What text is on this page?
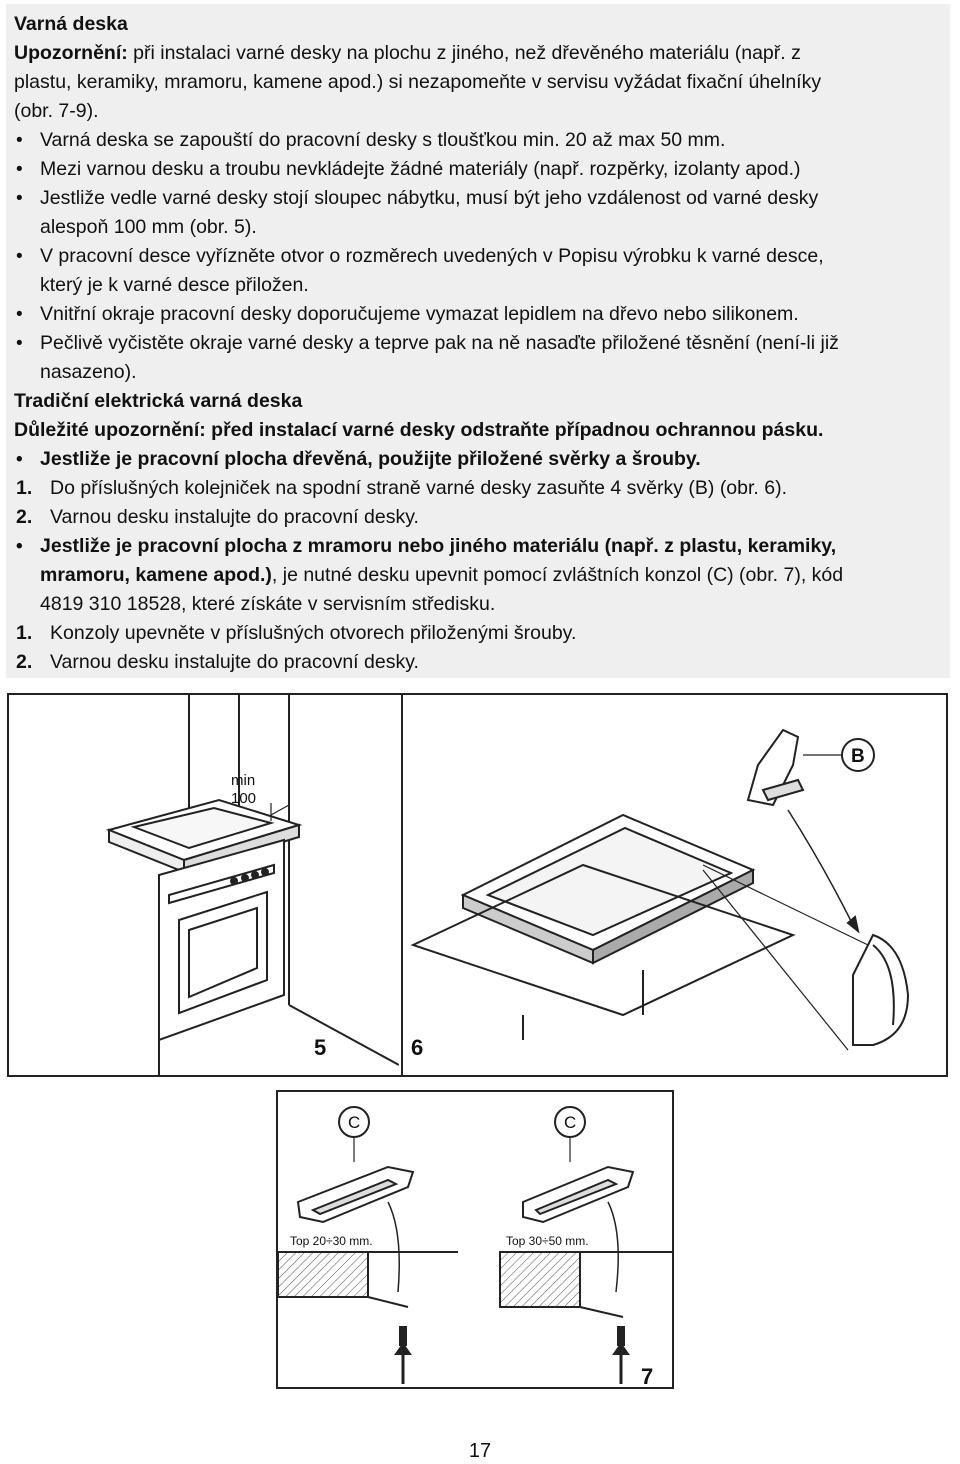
Varná deska

Upozornění: při instalaci varné desky na plochu z jiného, než dřevěného materiálu (např. z

plastu, keramiky, mramoru, kamene apod.) si nezapomeňte v servisu vyžádat fixační úhelníky

(obr. 7-9).

• Varná deska se zapouští do pracovní desky s tloušťkou min. 20 až max 50 mm.

• Mezi varnou desku a troubu nevkládejte žádné materiály (např. rozpěrky, izolanty apod.)

• Jestliže vedle varné desky stojí sloupec nábytku, musí být jeho vzdálenost od varné desky

alespoň 100 mm (obr. 5).

• V pracovní desce vyřízněte otvor o rozměrech uvedených v Popisu výrobku k varné desce,

který je k varné desce přiložen.

• Vnitřní okraje pracovní desky doporučujeme vymazat lepidlem na dřevo nebo silikonem.

• Pečlivě vyčistěte okraje varné desky a teprve pak na ně nasaďte přiložené těsnění (není-li již

nasazeno).

Tradiční elektrická varná deska

Důležité upozornění: před instalací varné desky odstraňte případnou ochrannou pásku.

• Jestliže je pracovní plocha dřevěná, použijte přiložené svěrky a šrouby.

1. Do příslušných kolejniček na spodní straně varné desky zasuňte 4 svěrky (B) (obr. 6).

2. Varnou desku instalujte do pracovní desky.

• Jestliže je pracovní plocha z mramoru nebo jiného materiálu (např. z plastu, keramiky,

mramoru, kamene apod.), je nutné desku upevnit pomocí zvláštních konzol (C) (obr. 7), kód

4819 310 18528, které získáte v servisním středisku.

1. Konzoly upevněte v příslušných otvorech přiloženými šrouby.

2. Varnou desku instalujte do pracovní desky.

min
100
5
B
6
C	C
Top 20÷30 mm.	Top 30÷50 mm.
7
17
